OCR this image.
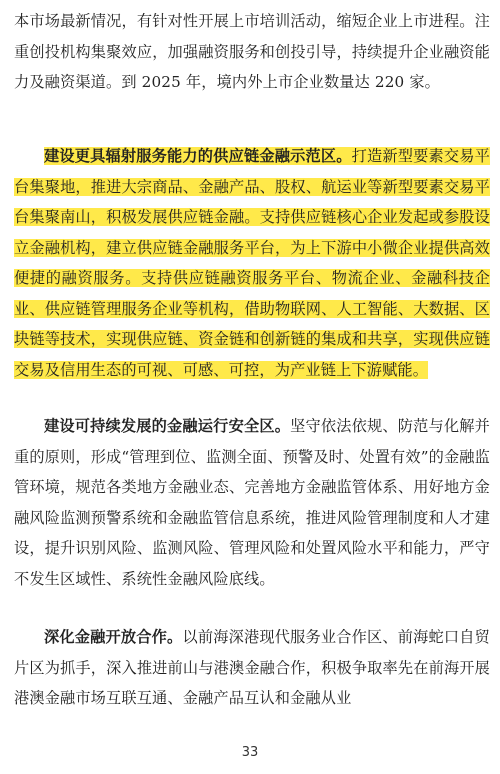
本市场最新情况，有针对性开展上市培训活动，缩短企业上市进程。注重创投机构集聚效应，加强融资服务和创投引导，持续提升企业融资能力及融资渠道。到 2025 年，境内外上市企业数量达 220 家。

建设更具辐射服务能力的供应链金融示范区。打造新型要素交易平台集聚地，推进大宗商品、金融产品、股权、航运业等新型要素交易平台集聚南山，积极发展供应链金融。支持供应链核心企业发起或参股设立金融机构，建立供应链金融服务平台，为上下游中小微企业提供高效便捷的融资服务。支持供应链融资服务平台、物流企业、金融科技企业、供应链管理服务企业等机构，借助物联网、人工智能、大数据、区块链等技术，实现供应链、资金链和创新链的集成和共享，实现供应链交易及信用生态的可视、可感、可控，为产业链上下游赋能。

建设可持续发展的金融运行安全区。坚守依法依规、防范与化解并重的原则，形成“管理到位、监测全面、预警及时、处置有效”的金融监管环境，规范各类地方金融业态、完善地方金融监管体系、用好地方金融风险监测预警系统和金融监管信息系统，推进风险管理制度和人才建设，提升识别风险、监测风险、管理风险和处置风险水平和能力，严守不发生区域性、系统性金融风险底线。

深化金融开放合作。以前海深港现代服务业合作区、前海蛇口自贸片区为抓手，深入推进前山与港澳金融合作，积极争取率先在前海开展港澳金融市场互联互通、金融产品互认和金融从业

33
